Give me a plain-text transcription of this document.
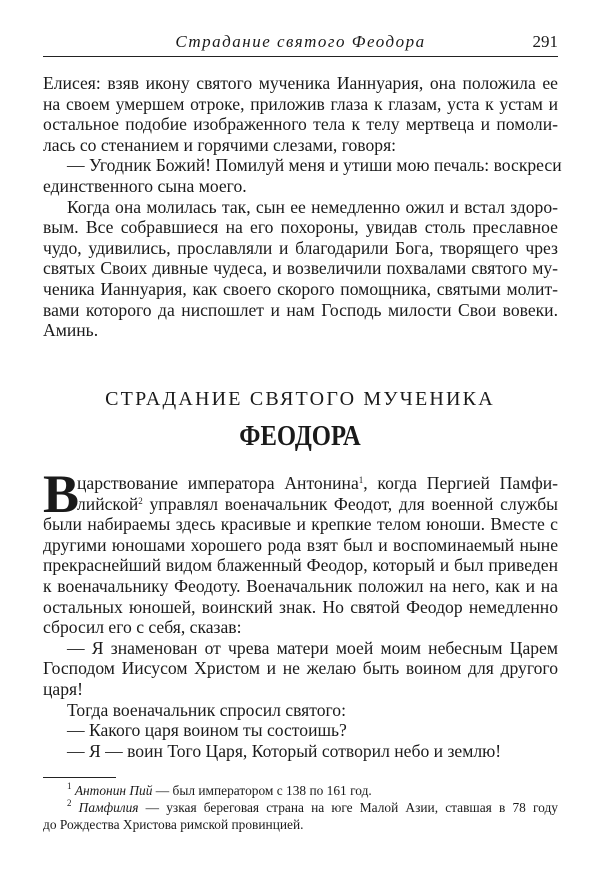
Страдание святого Феодора	291
Елисея: взяв икону святого мученика Ианнуария, она положила ее
на своем умершем отроке, приложив глаза к глазам, уста к устам и
остальное подобие изображенного тела к телу мертвеца и помоли-
лась со стенанием и горячими слезами, говоря:
— Угодник Божий! Помилуй меня и утиши мою печаль: воскреси
единственного сына моего.
Когда она молилась так, сын ее немедленно ожил и встал здоро-
вым. Все собравшиеся на его похороны, увидав столь преславное
чудо, удивились, прославляли и благодарили Бога, творящего чрез
святых Своих дивные чудеса, и возвеличили похвалами святого му-
ченика Ианнуария, как своего скорого помощника, святыми молит-
вами которого да ниспошлет и нам Господь милости Свои вовеки.
Аминь.
СТРАДАНИЕ СВЯТОГО МУЧЕНИКА
ФЕОДОРА
В
царствование императора Антонина$^1$, когда Пергией Памфи-
лийской$^2$ управлял военачальник Феодот, для военной службы
были набираемы здесь красивые и крепкие телом юноши. Вместе с
другими юношами хорошего рода взят был и воспоминаемый ныне
прекраснейший видом блаженный Феодор, который и был приведен
к военачальнику Феодоту. Военачальник положил на него, как и на
остальных юношей, воинский знак. Но святой Феодор немедленно
сбросил его с себя, сказав:
— Я знаменован от чрева матери моей моим небесным Царем
Господом Иисусом Христом и не желаю быть воином для другого
царя!
Тогда военачальник спросил святого:
— Какого царя воином ты состоишь?
— Я — воин Того Царя, Который сотворил небо и землю!
$^1$ Антонин Пий — был императором с 138 по 161 год.
$^2$ Памфилия — узкая береговая страна на юге Малой Азии, ставшая в 78 году
до Рождества Христова римской провинцией.
